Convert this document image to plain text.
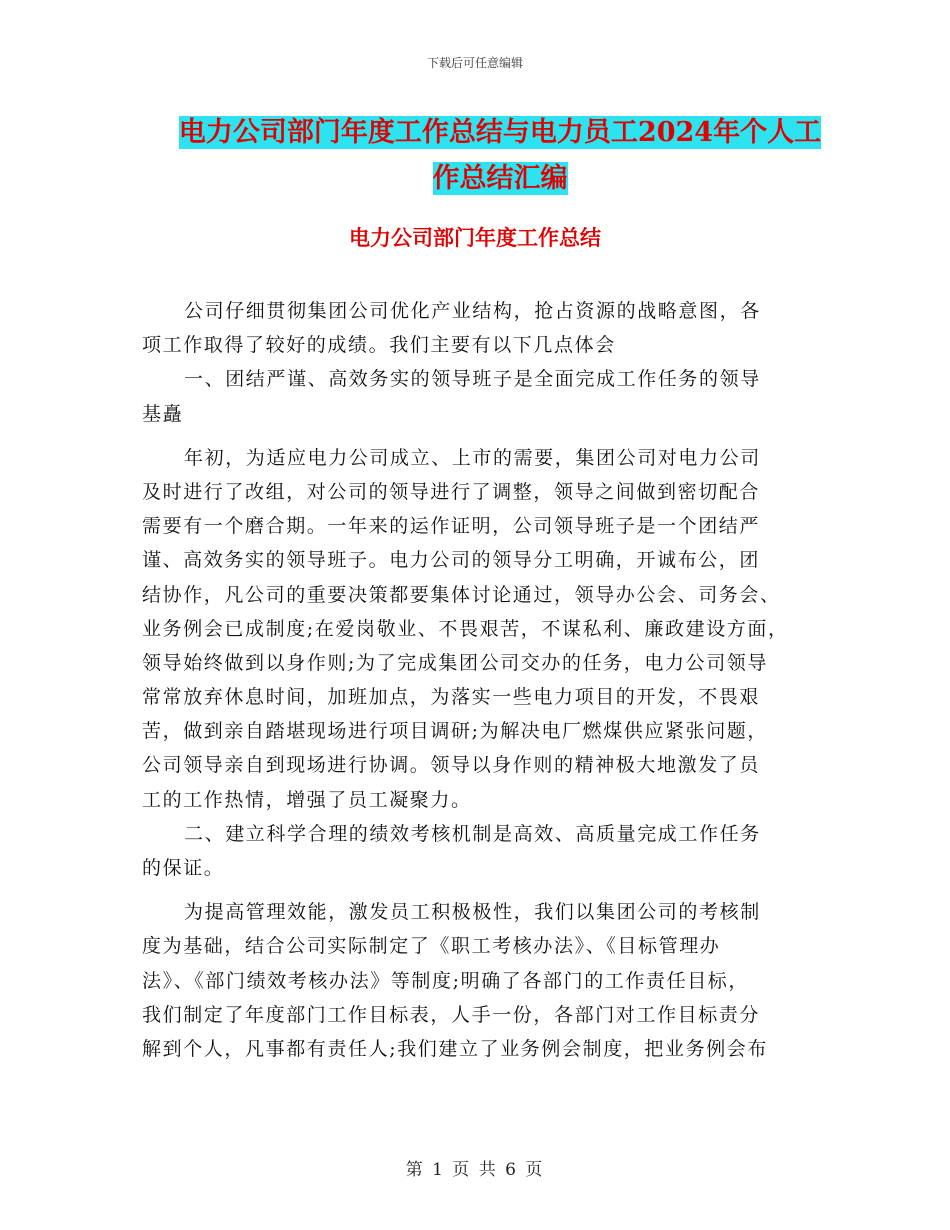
下载后可任意编辑
电力公司部门年度工作总结与电力员工2024年个人工
作总结汇编
电力公司部门年度工作总结
公司仔细贯彻集团公司优化产业结构，抢占资源的战略意图，各
项工作取得了较好的成绩。我们主要有以下几点体会
一、团结严谨、高效务实的领导班子是全面完成工作任务的领导
基矗
年初，为适应电力公司成立、上市的需要，集团公司对电力公司
及时进行了改组，对公司的领导进行了调整，领导之间做到密切配合
需要有一个磨合期。一年来的运作证明，公司领导班子是一个团结严
谨、高效务实的领导班子。电力公司的领导分工明确，开诚布公，团
结协作，凡公司的重要决策都要集体讨论通过，领导办公会、司务会、
业务例会已成制度;在爱岗敬业、不畏艰苦，不谋私利、廉政建设方面，
领导始终做到以身作则;为了完成集团公司交办的任务，电力公司领导
常常放弃休息时间，加班加点，为落实一些电力项目的开发，不畏艰
苦，做到亲自踏堪现场进行项目调研;为解决电厂燃煤供应紧张问题，
公司领导亲自到现场进行协调。领导以身作则的精神极大地激发了员
工的工作热情，增强了员工凝聚力。
二、建立科学合理的绩效考核机制是高效、高质量完成工作任务
的保证。
为提高管理效能，激发员工积极极性，我们以集团公司的考核制
度为基础，结合公司实际制定了《职工考核办法》、《目标管理办
法》、《部门绩效考核办法》等制度;明确了各部门的工作责任目标，
我们制定了年度部门工作目标表，人手一份，各部门对工作目标责分
解到个人，凡事都有责任人;我们建立了业务例会制度，把业务例会布
第 1 页 共 6 页
